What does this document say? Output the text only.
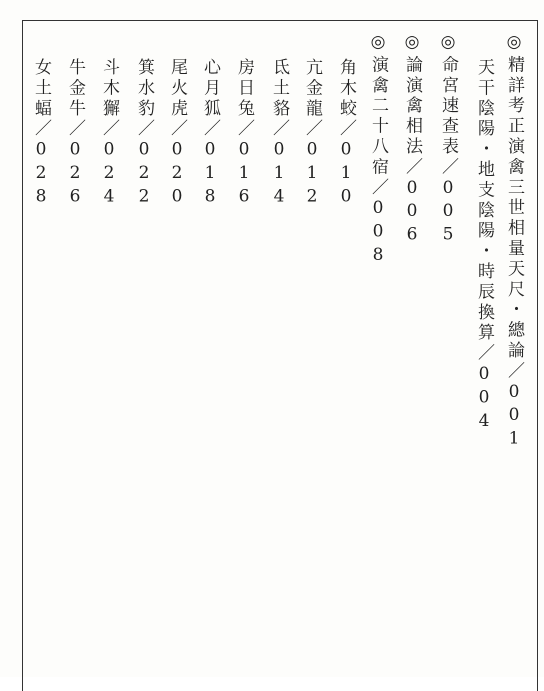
◎精詳考正演禽三世相量天尺・總論／001
天干陰陽・地支陰陽・時辰換算／004
◎命宮速查表／005
◎論演禽相法／006
◎演禽二十八宿／008
角木蛟／010
亢金龍／012
氐土貉／014
房日兔／016
心月狐／018
尾火虎／020
箕水豹／022
斗木獬／024
牛金牛／026
女土蝠／028
